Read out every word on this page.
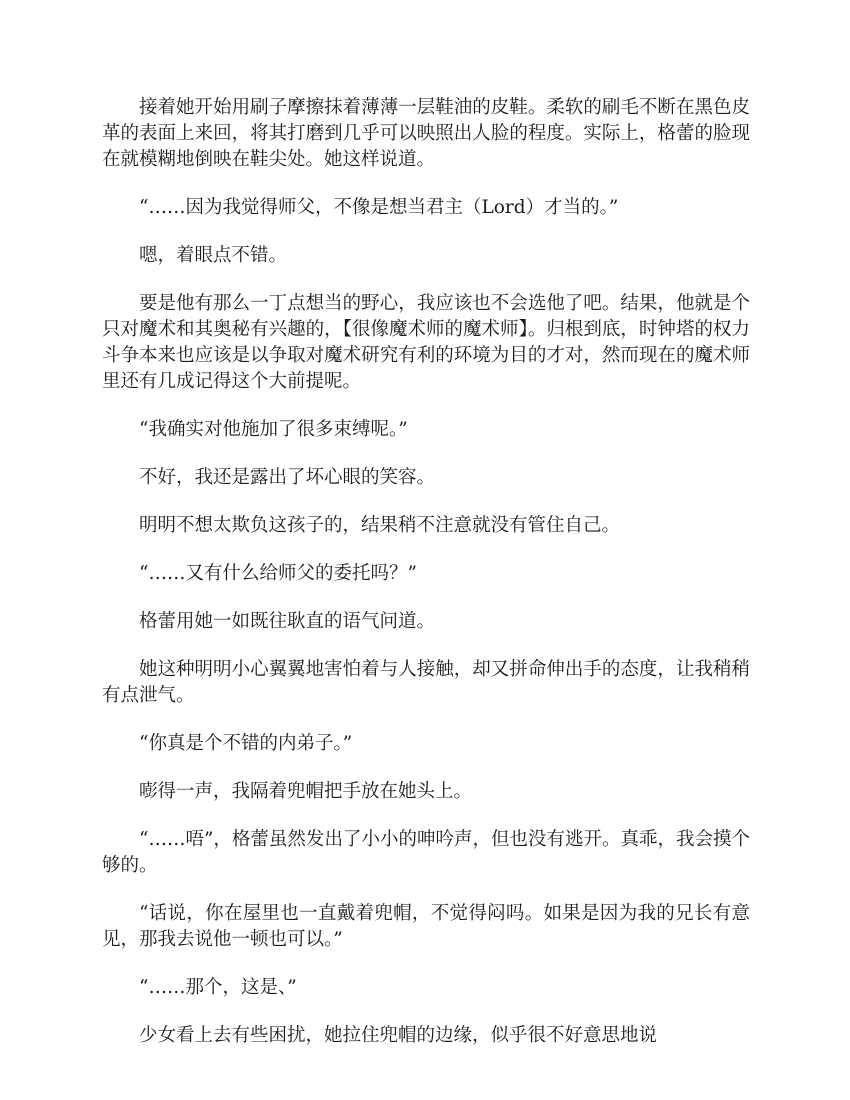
接着她开始用刷子摩擦抹着薄薄一层鞋油的皮鞋。柔软的刷毛不断在黑色皮革的表面上来回，将其打磨到几乎可以映照出人脸的程度。实际上，格蕾的脸现在就模糊地倒映在鞋尖处。她这样说道。

“……因为我觉得师父，不像是想当君主（Lord）才当的。”

嗯，着眼点不错。

要是他有那么一丁点想当的野心，我应该也不会选他了吧。结果，他就是个只对魔术和其奥秘有兴趣的，【很像魔术师的魔术师】。归根到底，时钟塔的权力斗争本来也应该是以争取对魔术研究有利的环境为目的才对，然而现在的魔术师里还有几成记得这个大前提呢。

“我确实对他施加了很多束缚呢。”

不好，我还是露出了坏心眼的笑容。

明明不想太欺负这孩子的，结果稍不注意就没有管住自己。

“……又有什么给师父的委托吗？”

格蕾用她一如既往耿直的语气问道。

她这种明明小心翼翼地害怕着与人接触，却又拼命伸出手的态度，让我稍稍有点泄气。

“你真是个不错的内弟子。”

嘭得一声，我隔着兜帽把手放在她头上。

“……唔”，格蕾虽然发出了小小的呻吟声，但也没有逃开。真乖，我会摸个够的。

“话说，你在屋里也一直戴着兜帽，不觉得闷吗。如果是因为我的兄长有意见，那我去说他一顿也可以。”

“……那个，这是、”

少女看上去有些困扰，她拉住兜帽的边缘，似乎很不好意思地说
